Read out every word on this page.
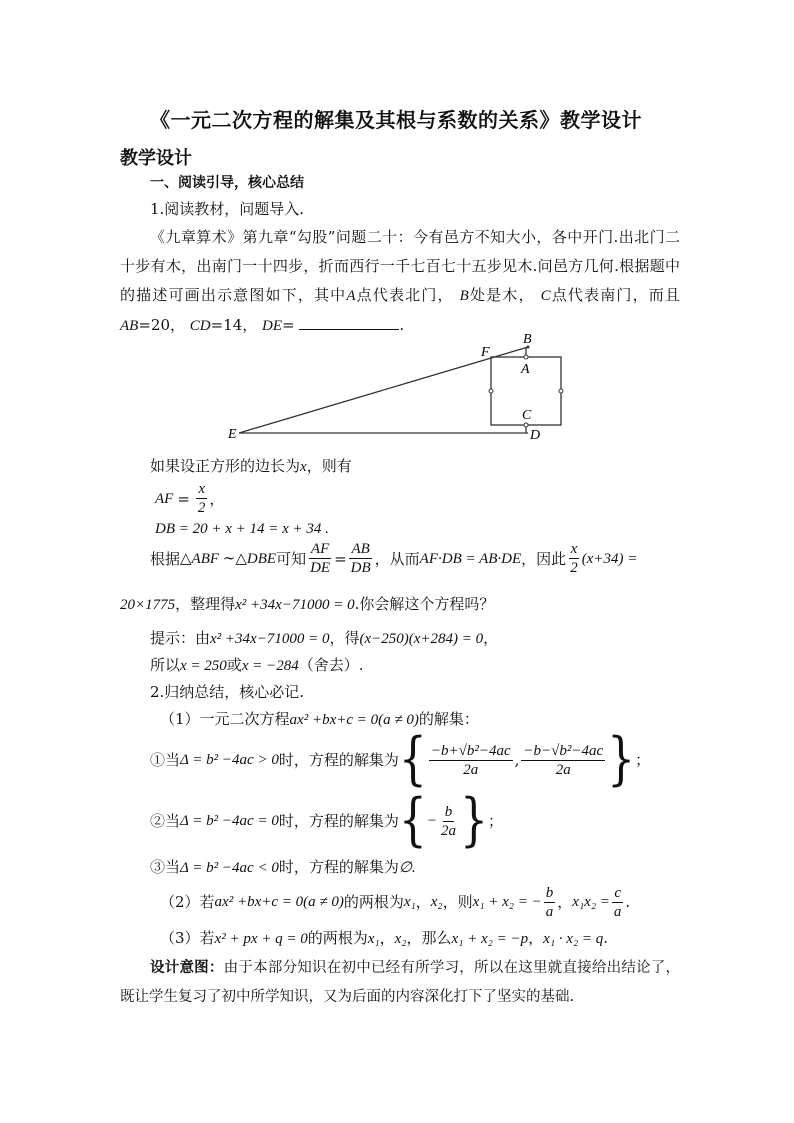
《一元二次方程的解集及其根与系数的关系》教学设计
教学设计
一、阅读引导，核心总结
1.阅读教材，问题导入.
《九章算术》第九章“勾股”问题二十：今有邑方不知大小，各中开门.出北门二十步有木，出南门一十四步，折而西行一千七百七十五步见木.问邑方几何.根据题中的描述可画出示意图如下，其中A点代表北门， B处是木， C点代表南门，而且AB=20， CD=14， DE=	.
B
F
A
C
E	D
如果设正方形的边长为x，则有
AF = $\frac{x}{2}$ ，
DB = 20 + x + 14 = x + 34 .
根据 △ABF ∼△DBE 可知 $\frac{AF}{DE} = \frac{AB}{DB}$ ，从而 AF·DB = AB·DE ，因此 $\frac{x}{2} (x+34)$ =
20×1775，整理得x² +34x−71000 = 0.你会解这个方程吗？
提示：由x² +34x−71000 = 0，得(x−250)(x+284) = 0，
所以x = 250或x = −284（舍去）.
2.归纳总结，核心必记.
（1）一元二次方程ax² +bx+c = 0(a ≠ 0)的解集：
①当 Δ = b² −4ac > 0 时，方程的解集为 { $\frac{\text{−b+√b²−4ac}}{2a}$ , $\frac{\text{−b−√b²−4ac}}{2a}$ } ；
②当 Δ = b² −4ac = 0 时，方程的解集为 { − $\frac{b}{2a}$ } ；
③当Δ = b² −4ac < 0时，方程的解集为∅.
（2）若 ax² +bx+c = 0(a ≠ 0) 的两根为 x₁ ， x₂ ，则 x₁ + x₂ = − $\frac{b}{a}$ ， $x_1x_2 = \frac{c}{a}$ .
（3）若x² + px + q = 0的两根为x₁，x₂，那么x₁ + x₂ = −p，x₁ · x₂ = q.
设计意图：由于本部分知识在初中已经有所学习，所以在这里就直接给出结论了，既让学生复习了初中所学知识，又为后面的内容深化打下了坚实的基础.
